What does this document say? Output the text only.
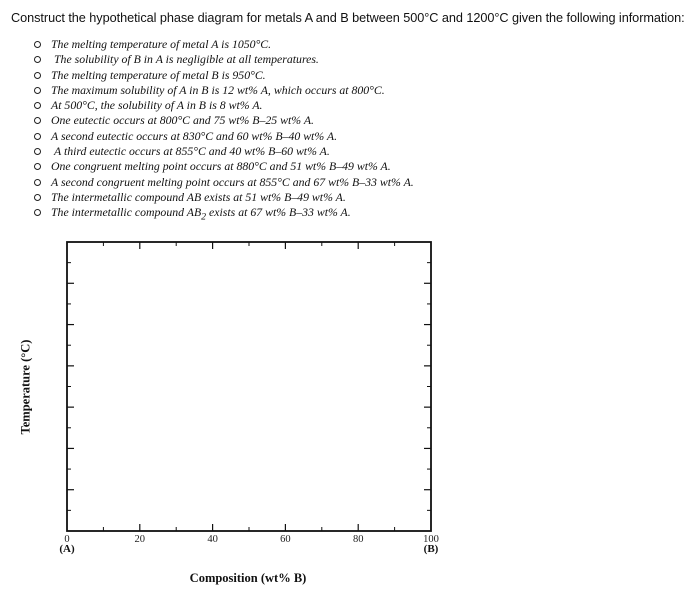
Construct the hypothetical phase diagram for metals A and B between 500°C and 1200°C given the following information:
The melting temperature of metal A is 1050°C.
The solubility of B in A is negligible at all temperatures.
The melting temperature of metal B is 950°C.
The maximum solubility of A in B is 12 wt% A, which occurs at 800°C.
At 500°C, the solubility of A in B is 8 wt% A.
One eutectic occurs at 800°C and 75 wt% B–25 wt% A.
A second eutectic occurs at 830°C and 60 wt% B–40 wt% A.
A third eutectic occurs at 855°C and 40 wt% B–60 wt% A.
One congruent melting point occurs at 880°C and 51 wt% B–49 wt% A.
A second congruent melting point occurs at 855°C and 67 wt% B–33 wt% A.
The intermetallic compound AB exists at 51 wt% B–49 wt% A.
The intermetallic compound $AB_2$ exists at 67 wt% B–33 wt% A.
0	20	40	60	80	100
(A)	(B)
Temperature (°C)
Composition (wt% B)
